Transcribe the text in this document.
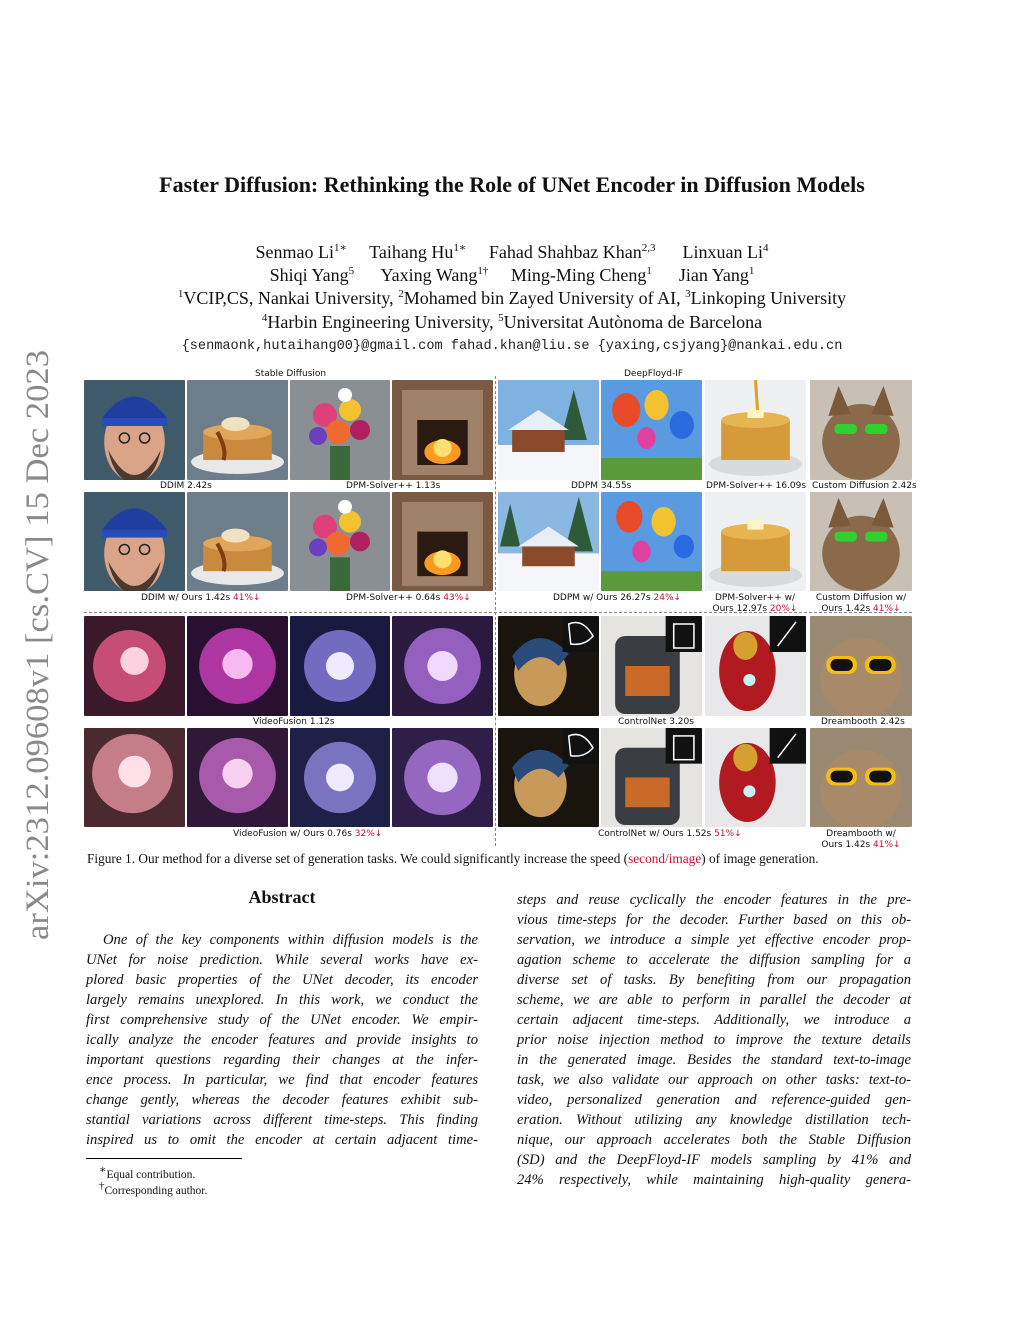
arXiv:2312.09608v1 [cs.CV] 15 Dec 2023
Faster Diffusion: Rethinking the Role of UNet Encoder in Diffusion Models
Senmao $Li^{1∗}$ Taihang $Hu^{1∗}$ Fahad Shahbaz Khan$^{2,3}$ Linxuan Li$^4$
Shiqi Yang$^5$ Yaxing Wang$^{1\dagger}$ Ming-Ming Cheng$^1$ Jian Yang$^1$
$^1$VCIP,CS, Nankai University, $^2$Mohamed bin Zayed University of AI, $^3$Linkoping University
$^4$Harbin Engineering University, $^5$Universitat Autònoma de Barcelona
{senmaonk,hutaihang00}@gmail.com fahad.khan@liu.se {yaxing,csjyang}@nankai.edu.cn
Stable Diffusion	DeepFloyd-IF
DDIM 2.42s	DPM-Solver++ 1.13s	DDPM 34.55s	DPM-Solver++ 16.09s Custom Diffusion 2.42s
DDIM w/ Ours 1.42s 41%↓	DPM-Solver++ 0.64s 43%↓	DDPM w/ Ours 26.27s 24%↓	DPM-Solver++ w/
Ours 12.97s 20%↓
Custom Diffusion w/
Ours 1.42s 41%↓
VideoFusion 1.12s	ControlNet 3.20s	Dreambooth 2.42s
VideoFusion w/ Ours 0.76s 32%↓	ControlNet w/ Ours 1.52s 51%↓	Dreambooth w/
Ours 1.42s 41%↓
Figure 1. Our method for a diverse set of generation tasks. We could significantly increase the speed (second/image) of image generation.
Abstract
One of the key components within diffusion models is the
UNet for noise prediction. While several works have ex-
plored basic properties of the UNet decoder, its encoder
largely remains unexplored. In this work, we conduct the
first comprehensive study of the UNet encoder. We empir-
ically analyze the encoder features and provide insights to
important questions regarding their changes at the infer-
ence process. In particular, we find that encoder features
change gently, whereas the decoder features exhibit sub-
stantial variations across different time-steps. This finding
inspired us to omit the encoder at certain adjacent time-
steps and reuse cyclically the encoder features in the pre-
vious time-steps for the decoder. Further based on this ob-
servation, we introduce a simple yet effective encoder prop-
agation scheme to accelerate the diffusion sampling for a
diverse set of tasks. By benefiting from our propagation
scheme, we are able to perform in parallel the decoder at
certain adjacent time-steps. Additionally, we introduce a
prior noise injection method to improve the texture details
in the generated image. Besides the standard text-to-image
task, we also validate our approach on other tasks: text-to-
video, personalized generation and reference-guided gen-
eration. Without utilizing any knowledge distillation tech-
nique, our approach accelerates both the Stable Diffusion
(SD) and the DeepFloyd-IF models sampling by 41% and
24% respectively, while maintaining high-quality genera-
∗Equal contribution.
†Corresponding author.
